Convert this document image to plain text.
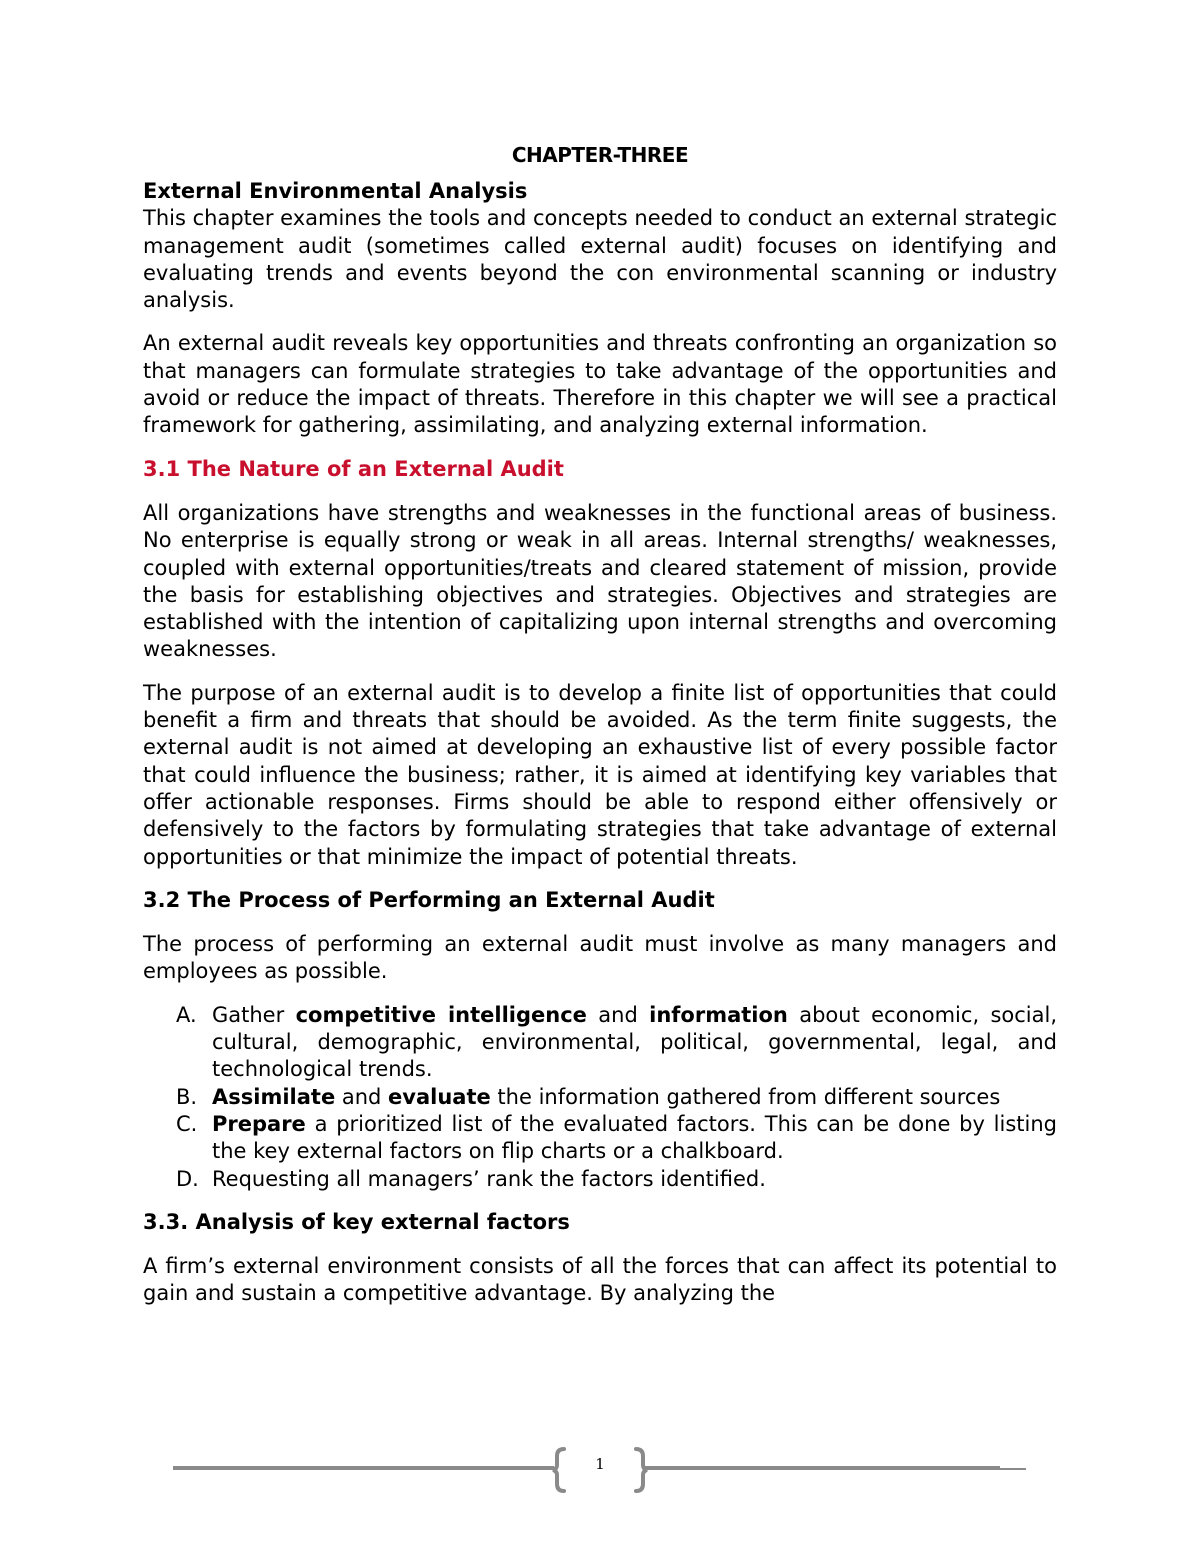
CHAPTER-THREE
External Environmental Analysis

This chapter examines the tools and concepts needed to conduct an external strategic management audit (sometimes called external audit) focuses on identifying and evaluating trends and events beyond the con environmental scanning or industry analysis.

An external audit reveals key opportunities and threats confronting an organization so that managers can formulate strategies to take advantage of the opportunities and avoid or reduce the impact of threats. Therefore in this chapter we will see a practical framework for gathering, assimilating, and analyzing external information.

3.1 The Nature of an External Audit

All organizations have strengths and weaknesses in the functional areas of business. No enterprise is equally strong or weak in all areas. Internal strengths/ weaknesses, coupled with external opportunities/treats and cleared statement of mission, provide the basis for establishing objectives and strategies. Objectives and strategies are established with the intention of capitalizing upon internal strengths and overcoming weaknesses.

The purpose of an external audit is to develop a finite list of opportunities that could benefit a firm and threats that should be avoided. As the term finite suggests, the external audit is not aimed at developing an exhaustive list of every possible factor that could influence the business; rather, it is aimed at identifying key variables that offer actionable responses. Firms should be able to respond either offensively or defensively to the factors by formulating strategies that take advantage of external opportunities or that minimize the impact of potential threats.

3.2 The Process of Performing an External Audit

The process of performing an external audit must involve as many managers and employees as possible.

A. Gather competitive intelligence and information about economic, social, cultural, demographic, environmental, political, governmental, legal, and technological trends.
B. Assimilate and evaluate the information gathered from different sources
C. Prepare a prioritized list of the evaluated factors. This can be done by listing the key external factors on flip charts or a chalkboard.
D. Requesting all managers’ rank the factors identified.
3.3. Analysis of key external factors

A firm’s external environment consists of all the forces that can affect its potential to gain and sustain a competitive advantage. By analyzing the

1
